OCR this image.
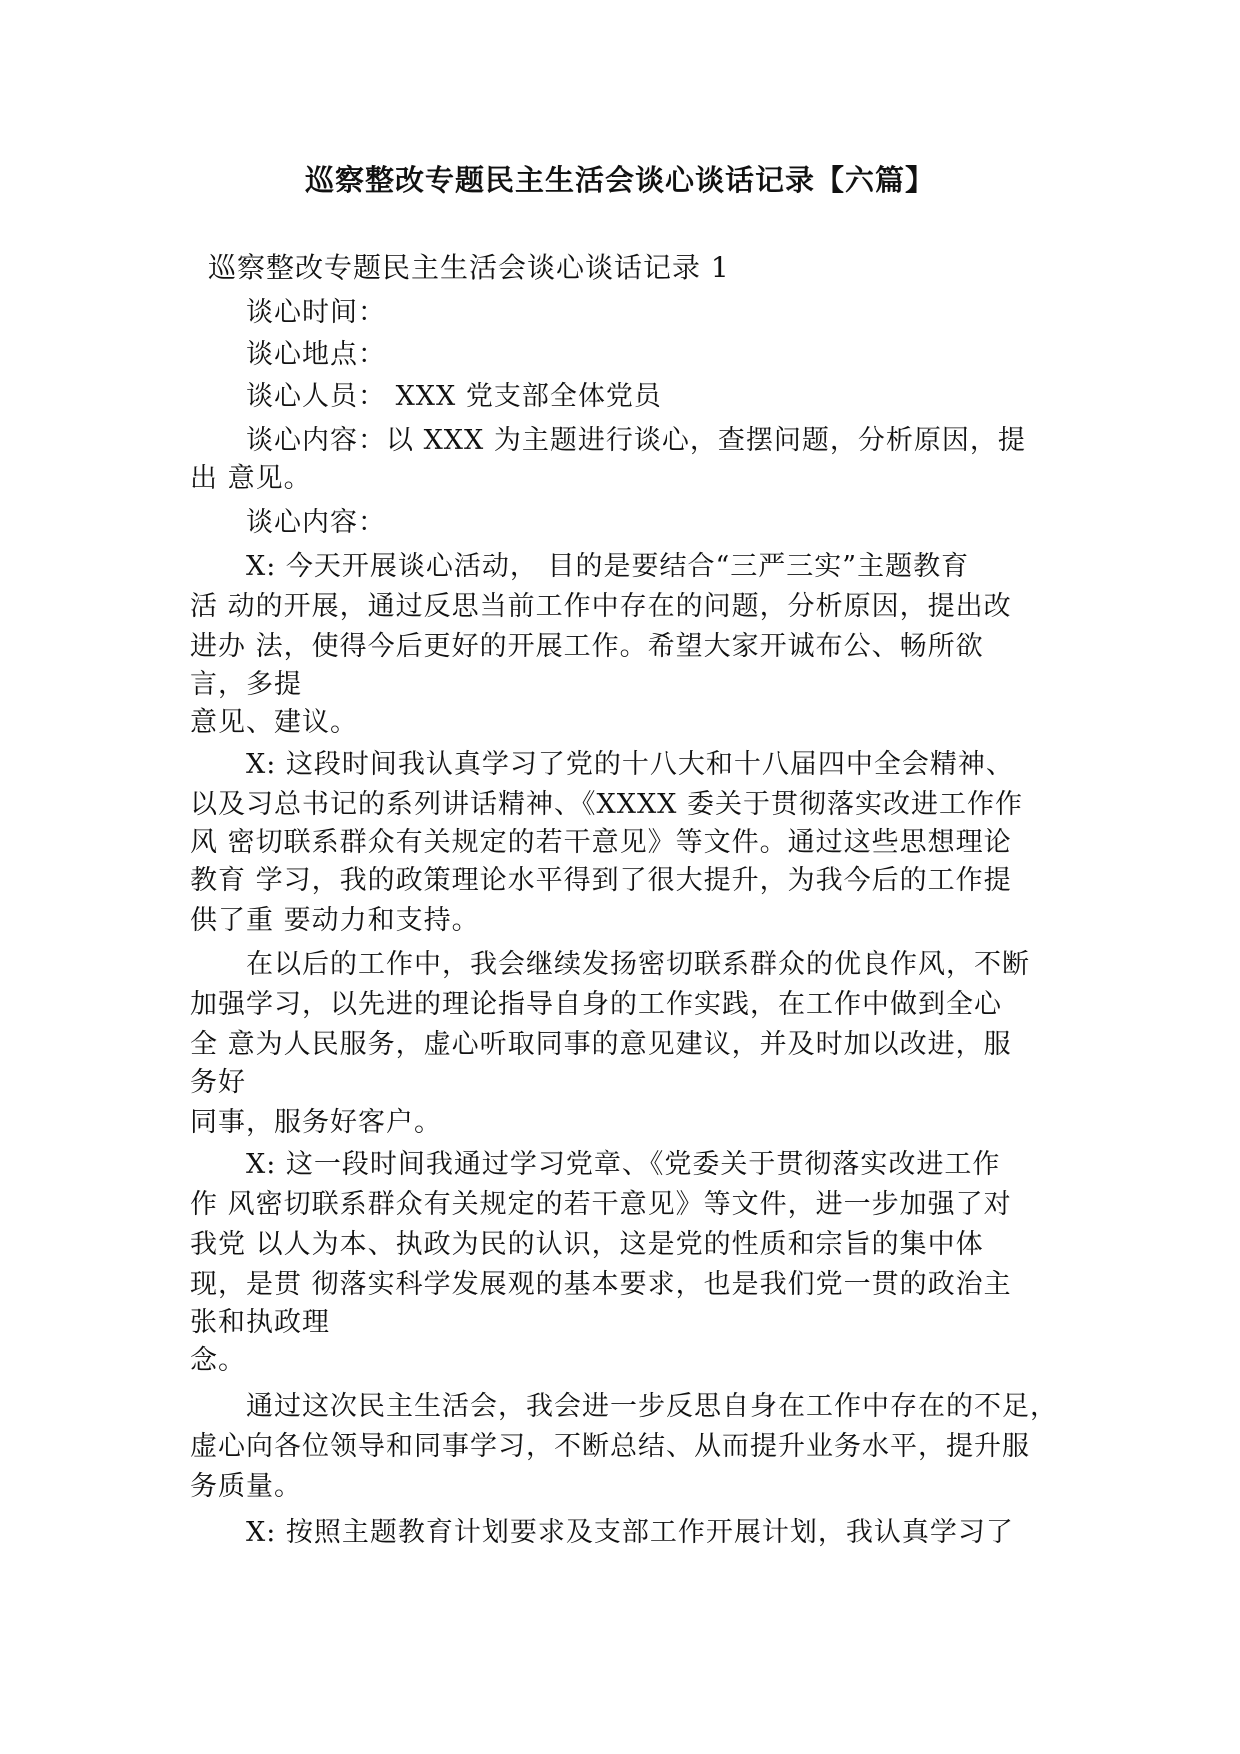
巡察整改专题民主生活会谈心谈话记录【六篇】
巡察整改专题民主生活会谈心谈话记录 1
谈心时间：
谈心地点：
谈心人员： XXX 党支部全体党员
谈心内容：以 XXX 为主题进行谈心，查摆问题，分析原因，提
出 意见。
谈心内容：
X: 今天开展谈心活动， 目的是要结合“三严三实”主题教育
活 动的开展，通过反思当前工作中存在的问题，分析原因，提出改
进办 法，使得今后更好的开展工作。希望大家开诚布公、畅所欲
言，多提
意见、建议。
X: 这段时间我认真学习了党的十八大和十八届四中全会精神、
以及习总书记的系列讲话精神、《XXXX 委关于贯彻落实改进工作作
风 密切联系群众有关规定的若干意见》等文件。通过这些思想理论
教育 学习，我的政策理论水平得到了很大提升，为我今后的工作提
供了重 要动力和支持。
在以后的工作中，我会继续发扬密切联系群众的优良作风，不断
加强学习，以先进的理论指导自身的工作实践，在工作中做到全心
全 意为人民服务，虚心听取同事的意见建议，并及时加以改进，服
务好
同事，服务好客户。
X: 这一段时间我通过学习党章、《党委关于贯彻落实改进工作
作 风密切联系群众有关规定的若干意见》等文件，进一步加强了对
我党 以人为本、执政为民的认识，这是党的性质和宗旨的集中体
现，是贯 彻落实科学发展观的基本要求，也是我们党一贯的政治主
张和执政理
念。
通过这次民主生活会，我会进一步反思自身在工作中存在的不足，
虚心向各位领导和同事学习，不断总结、从而提升业务水平，提升服
务质量。
X: 按照主题教育计划要求及支部工作开展计划，我认真学习了
